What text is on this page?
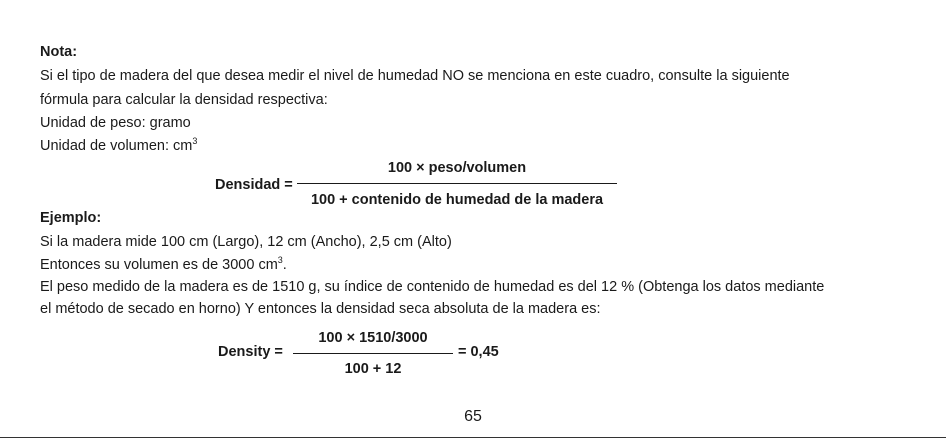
Nota:
Si el tipo de madera del que desea medir el nivel de humedad NO se menciona en este cuadro, consulte la siguiente
fórmula para calcular la densidad respectiva:
Unidad de peso: gramo
Unidad de volumen: $cm^3$
Densidad =
100 × peso/volumen
100 + contenido de humedad de la madera
Ejemplo:
Si la madera mide 100 cm (Largo), 12 cm (Ancho), 2,5 cm (Alto)
Entonces su volumen es de 3000 $cm^3$.
El peso medido de la madera es de 1510 g, su índice de contenido de humedad es del 12 % (Obtenga los datos mediante
el método de secado en horno) Y entonces la densidad seca absoluta de la madera es:
Density =
100 × 1510/3000
100 + 12
= 0,45
65
